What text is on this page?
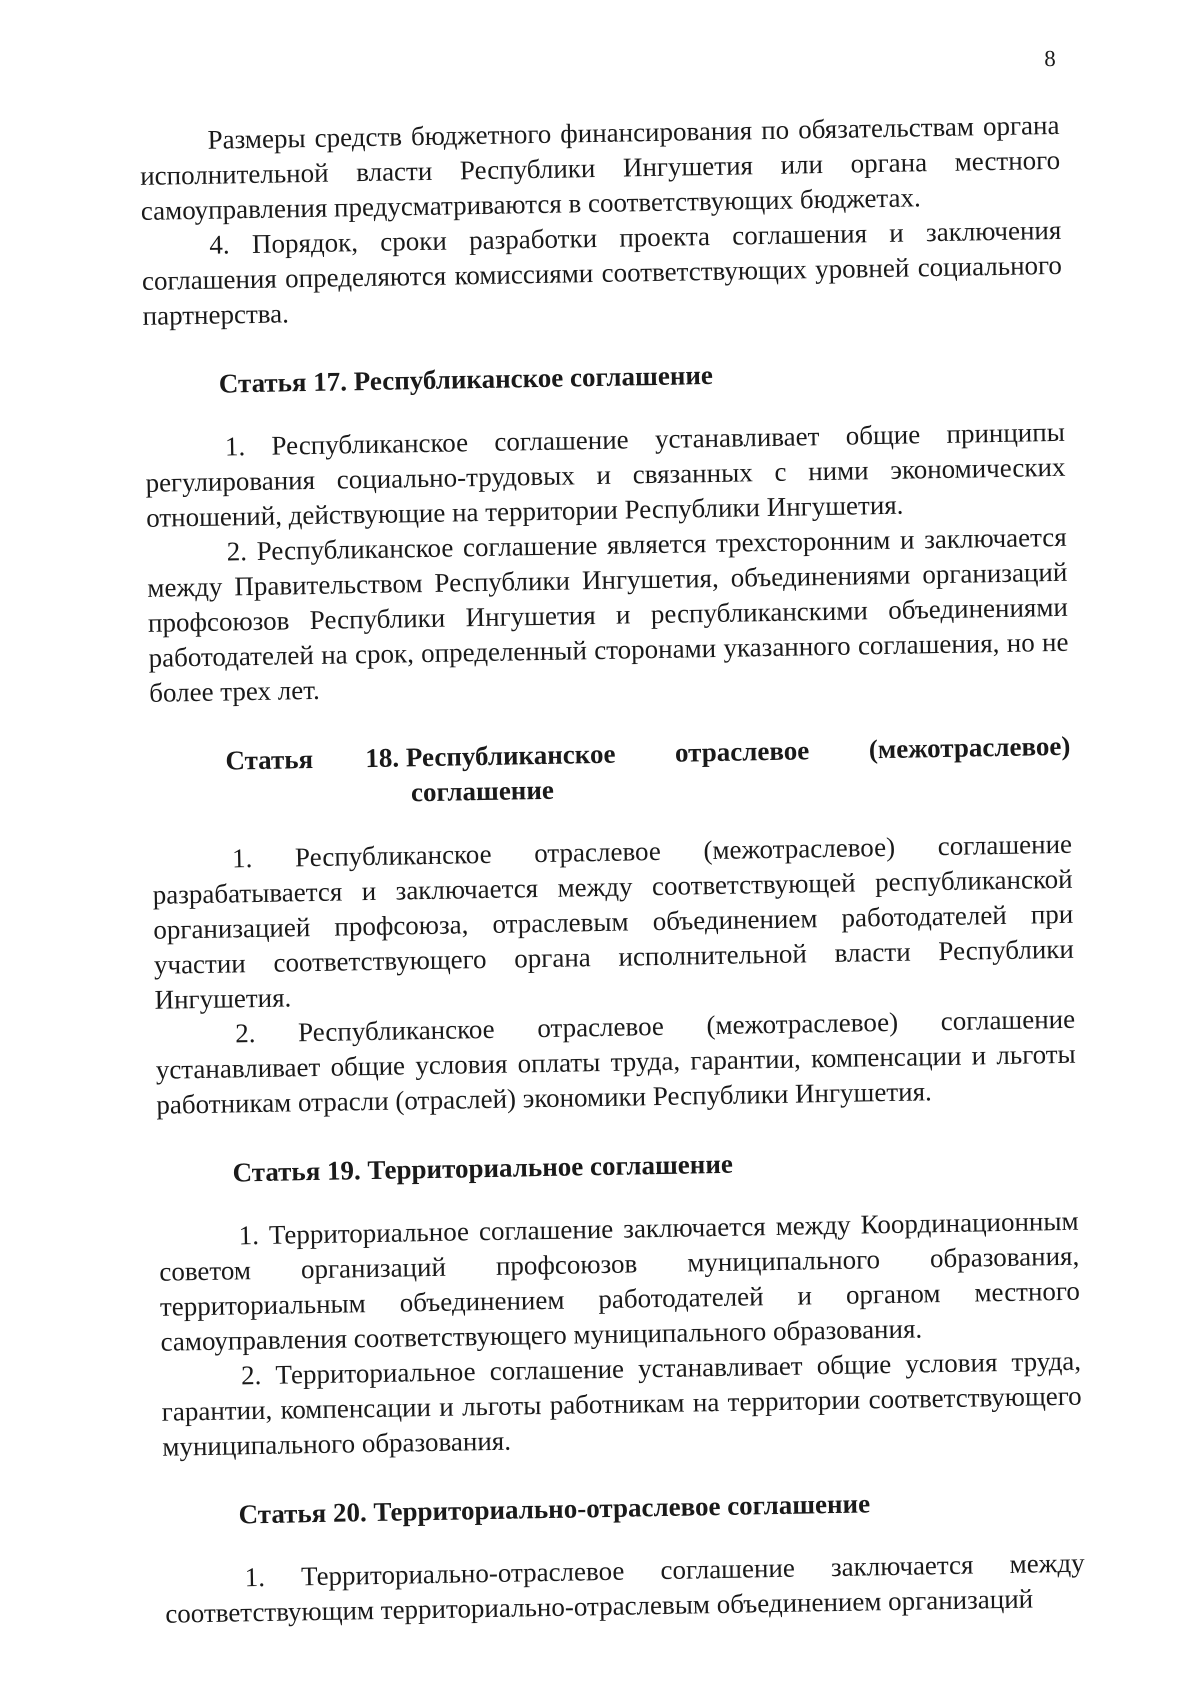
8

Размеры средств бюджетного финансирования по обязательствам органа исполнительной власти Республики Ингушетия или органа местного самоуправления предусматриваются в соответствующих бюджетах.

4. Порядок, сроки разработки проекта соглашения и заключения соглашения определяются комиссиями соответствующих уровней социального партнерства.

Статья 17. Республиканское соглашение

1. Республиканское соглашение устанавливает общие принципы регулирования социально-трудовых и связанных с ними экономических отношений, действующие на территории Республики Ингушетия.

2. Республиканское соглашение является трехсторонним и заключается между Правительством Республики Ингушетия, объединениями организаций профсоюзов Республики Ингушетия и республиканскими объединениями работодателей на срок, определенный сторонами указанного соглашения, но не более трех лет.

Статья	18. Республиканское отраслевое (межотраслевое)
соглашение

1. Республиканское отраслевое (межотраслевое) соглашение разрабатывается и заключается между соответствующей республиканской организацией профсоюза, отраслевым объединением работодателей при участии соответствующего органа исполнительной власти Республики Ингушетия.

2. Республиканское отраслевое (межотраслевое) соглашение устанавливает общие условия оплаты труда, гарантии, компенсации и льготы работникам отрасли (отраслей) экономики Республики Ингушетия.

Статья 19. Территориальное соглашение

1. Территориальное соглашение заключается между Координационным советом организаций профсоюзов муниципального образования, территориальным объединением работодателей и органом местного самоуправления соответствующего муниципального образования.

2. Территориальное соглашение устанавливает общие условия труда, гарантии, компенсации и льготы работникам на территории соответствующего муниципального образования.

Статья 20. Территориально-отраслевое соглашение

1. Территориально-отраслевое соглашение заключается между соответствующим территориально-отраслевым объединением организаций
